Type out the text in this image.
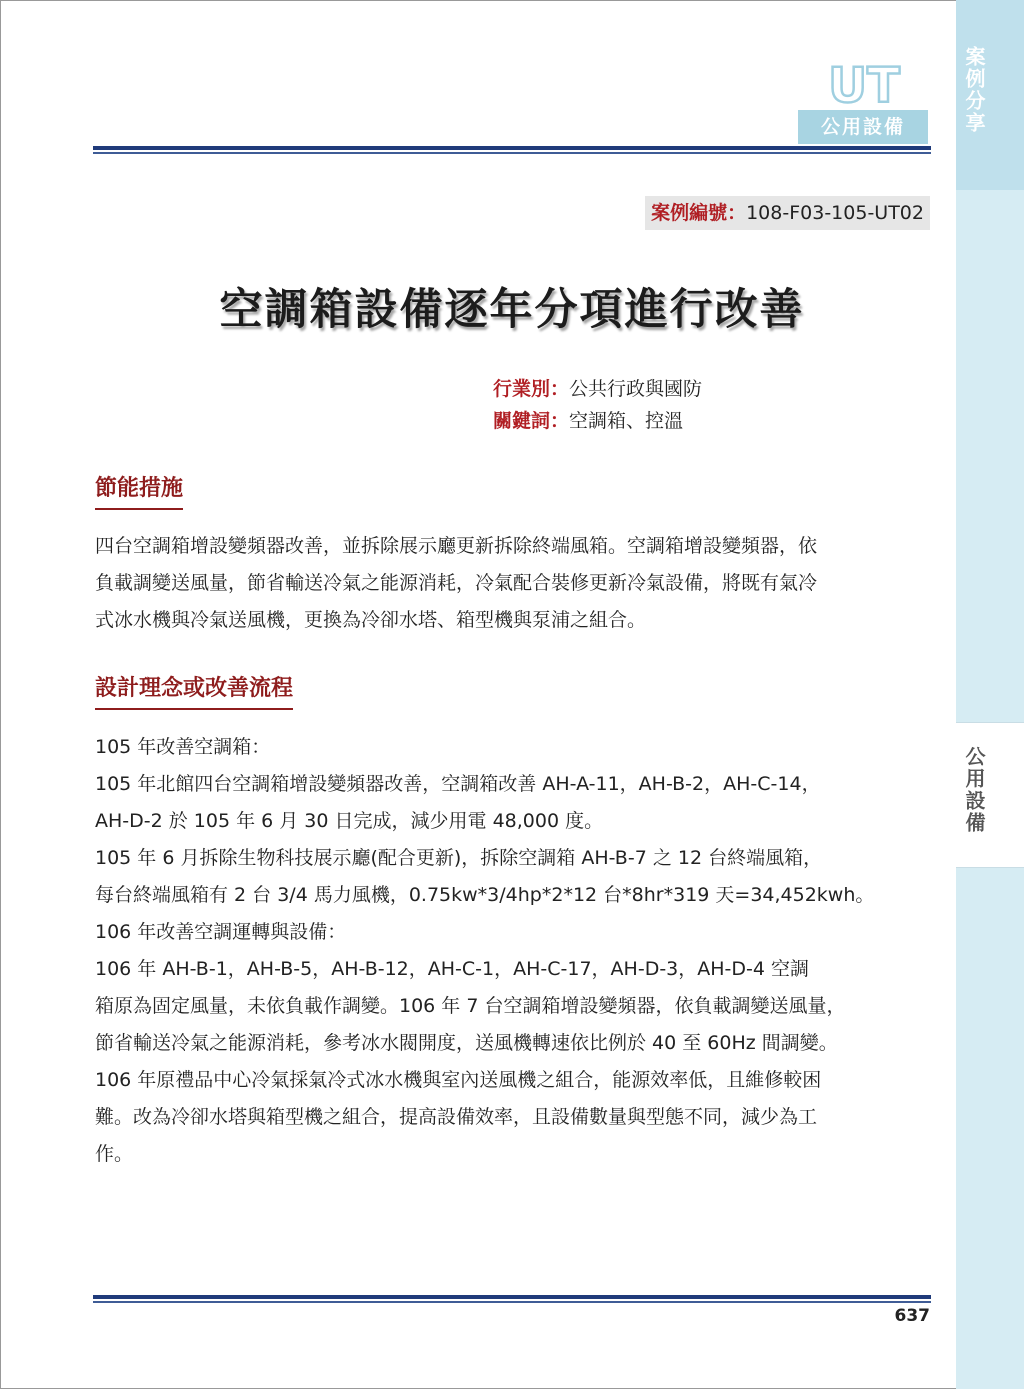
案例分享
公用設備
UT
公用設備
案例編號：108-F03-105-UT02
空調箱設備逐年分項進行改善
行業別：公共行政與國防
關鍵詞：空調箱、控溫
節能措施
四台空調箱增設變頻器改善，並拆除展示廳更新拆除終端風箱。空調箱增設變頻器，依
負載調變送風量，節省輸送冷氣之能源消耗，冷氣配合裝修更新冷氣設備，將既有氣冷
式冰水機與冷氣送風機，更換為冷卻水塔、箱型機與泵浦之組合。
設計理念或改善流程
105 年改善空調箱：
105 年北館四台空調箱增設變頻器改善，空調箱改善 AH-A-11，AH-B-2，AH-C-14，
AH-D-2 於 105 年 6 月 30 日完成，減少用電 48,000 度。
105 年 6 月拆除生物科技展示廳(配合更新)，拆除空調箱 AH-B-7 之 12 台終端風箱，
每台終端風箱有 2 台 3/4 馬力風機，0.75kw*3/4hp*2*12 台*8hr*319 天=34,452kwh。
106 年改善空調運轉與設備：
106 年 AH-B-1，AH-B-5，AH-B-12，AH-C-1，AH-C-17，AH-D-3，AH-D-4 空調
箱原為固定風量，未依負載作調變。106 年 7 台空調箱增設變頻器，依負載調變送風量，
節省輸送冷氣之能源消耗，參考冰水閥開度，送風機轉速依比例於 40 至 60Hz 間調變。
106 年原禮品中心冷氣採氣冷式冰水機與室內送風機之組合，能源效率低，且維修較困
難。改為冷卻水塔與箱型機之組合，提高設備效率，且設備數量與型態不同，減少為工
作。
637
